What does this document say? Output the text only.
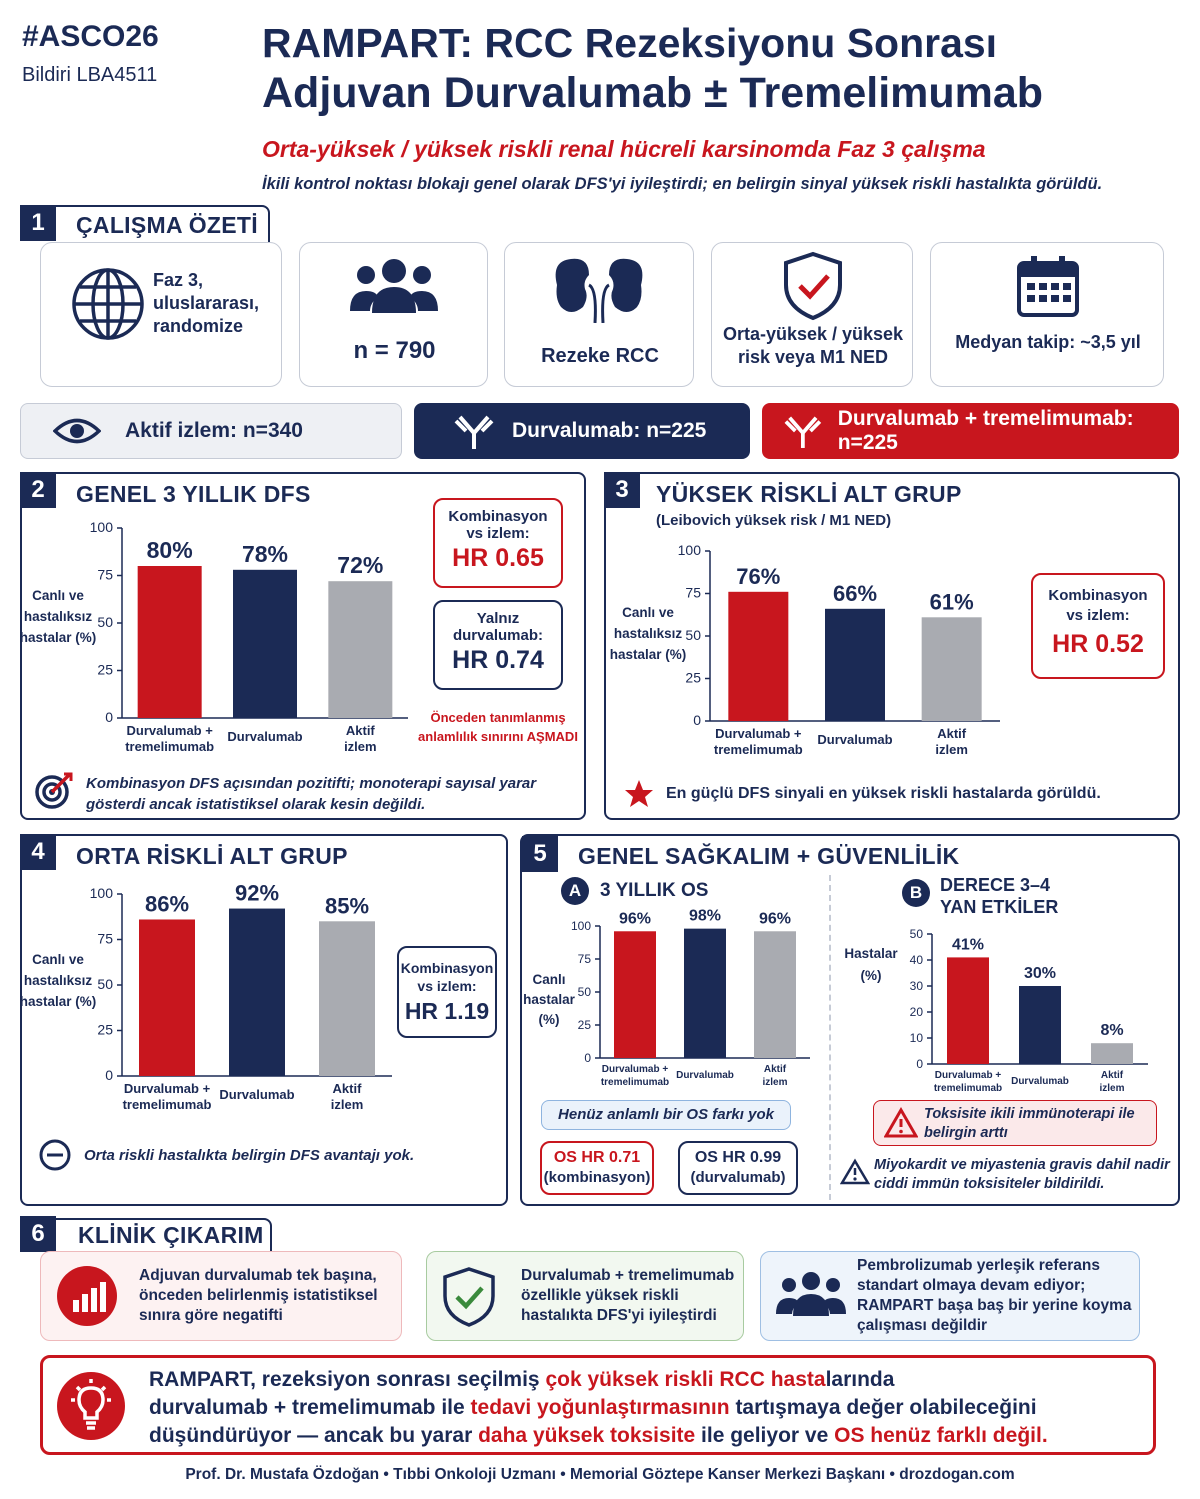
#ASCO26
Bildiri LBA4511
RAMPART: RCC Rezeksiyonu Sonrası
Adjuvan Durvalumab ± Tremelimumab
Orta-yüksek / yüksek riskli renal hücreli karsinomda Faz 3 çalışma
İkili kontrol noktası blokajı genel olarak DFS'yi iyileştirdi; en belirgin sinyal yüksek riskli hastalıkta görüldü.
1	ÇALIŞMA ÖZETİ
Faz 3, uluslararası, randomize
n = 790	Rezeke RCC
Orta-yüksek / yüksek risk veya M1 NED
Medyan takip: ~3,5 yıl
Aktif izlem: n=340	Durvalumab: n=225
Durvalumab + tremelimumab: n=225
2	GENEL 3 YILLIK DFS
Canlı ve hastalıksız hastalar (%)
0
25
50
75
100
80%
Durvalumab +
tremelimumab
78%
Durvalumab
72%
Aktif
izlem
Kombinasyon
vs izlem:
HR 0.65
Yalnız
durvalumab:
HR 0.74
Önceden tanımlanmış anlamlılık sınırını AŞMADI
Kombinasyon DFS açısından pozitifti; monoterapi sayısal yarar gösterdi ancak istatistiksel olarak kesin değildi.
3	YÜKSEK RİSKLİ ALT GRUP
(Leibovich yüksek risk / M1 NED)
Canlı ve hastalıksız hastalar (%)
0
25
50
75
100
76%
Durvalumab +
tremelimumab
66%
Durvalumab
61%
Aktif
izlem
Kombinasyon
vs izlem:
HR 0.52
En güçlü DFS sinyali en yüksek riskli hastalarda görüldü.
4	ORTA RİSKLİ ALT GRUP
Canlı ve hastalıksız hastalar (%)
0
25
50
75
100 86%
Durvalumab +
tremelimumab
92%
Durvalumab
85%
Aktif
izlem
Kombinasyon
vs izlem:
HR 1.19
Orta riskli hastalıkta belirgin DFS avantajı yok.
5	GENEL SAĞKALIM + GÜVENLİLİK
A 3 YILLIK OS
Canlı hastalar (%)
0
25
50
75
100 96%
Durvalumab +
tremelimumab
98%
Durvalumab
96%
Aktif
izlem
Henüz anlamlı bir OS farkı yok
OS HR 0.71
(kombinasyon)
OS HR 0.99
(durvalumab)
B DERECE 3–4
YAN ETKİLER
Hastalar (%)
0
10
20
30
40
50
41%
Durvalumab +
tremelimumab
30%
Durvalumab
8%
Aktif
izlem
Toksisite ikili immünoterapi ile belirgin arttı
Miyokardit ve miyastenia gravis dahil nadir ciddi immün toksisiteler bildirildi.
6	KLİNİK ÇIKARIM
Adjuvan durvalumab tek başına, önceden belirlenmiş istatistiksel sınıra göre negatifti
Durvalumab + tremelimumab özellikle yüksek riskli hastalıkta DFS'yi iyileştirdi
Pembrolizumab yerleşik referans standart olmaya devam ediyor; RAMPART başa baş bir yerine koyma çalışması değildir
RAMPART, rezeksiyon sonrası seçilmiş çok yüksek riskli RCC hastalarında
durvalumab + tremelimumab ile tedavi yoğunlaştırmasının tartışmaya değer olabileceğini
düşündürüyor — ancak bu yarar daha yüksek toksisite ile geliyor ve OS henüz farklı değil.
Prof. Dr. Mustafa Özdoğan • Tıbbi Onkoloji Uzmanı • Memorial Göztepe Kanser Merkezi Başkanı • drozdogan.com
